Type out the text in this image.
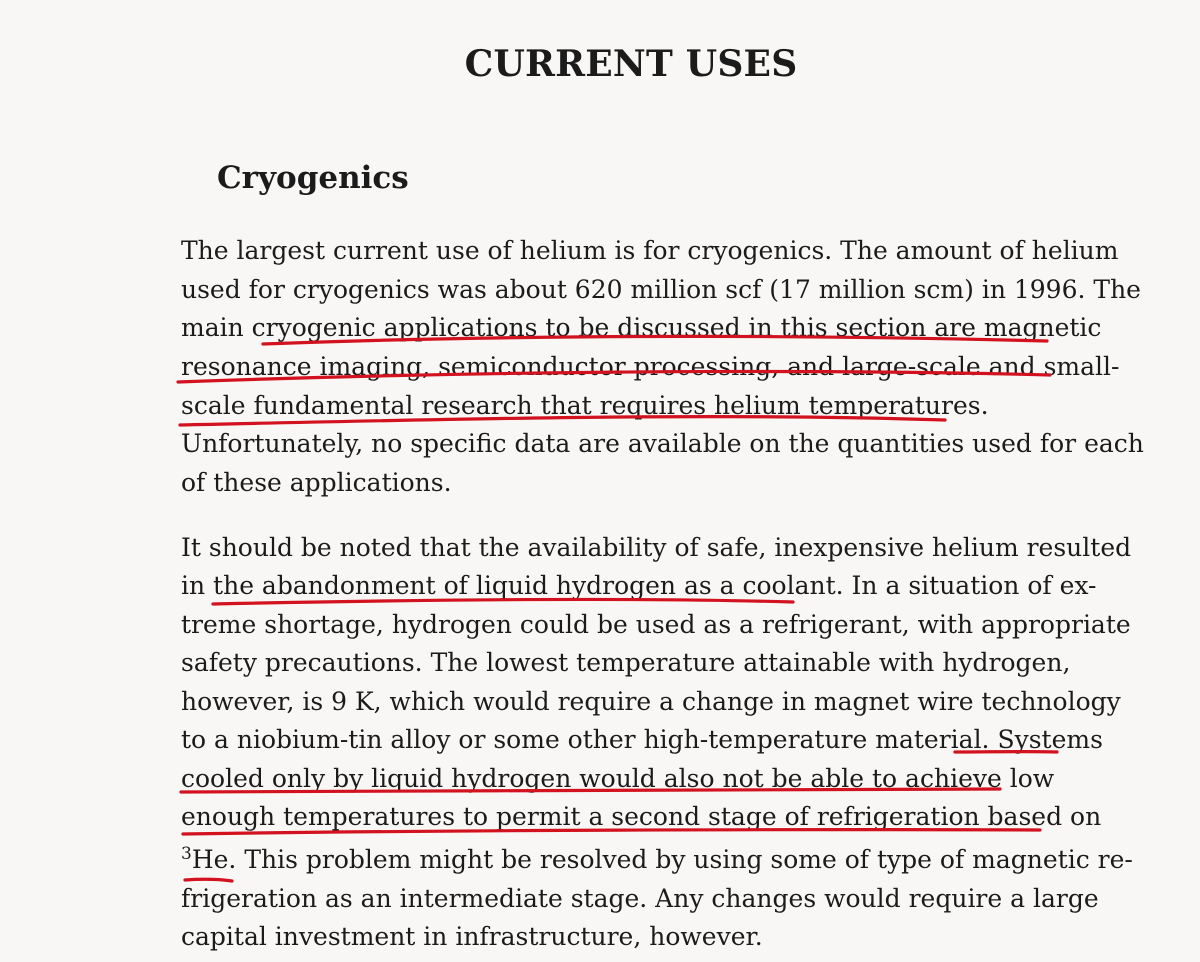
CURRENT USES
Cryogenics
The largest current use of helium is for cryogenics. The amount of helium
used for cryogenics was about 620 million scf (17 million scm) in 1996. The
main cryogenic applications to be discussed in this section are magnetic
resonance imaging, semiconductor processing, and large-scale and small-
scale fundamental research that requires helium temperatures.
Unfortunately, no specific data are available on the quantities used for each
of these applications.
It should be noted that the availability of safe, inexpensive helium resulted
in the abandonment of liquid hydrogen as a coolant. In a situation of ex-
treme shortage, hydrogen could be used as a refrigerant, with appropriate
safety precautions. The lowest temperature attainable with hydrogen,
however, is 9 K, which would require a change in magnet wire technology
to a niobium-tin alloy or some other high-temperature material. Systems
cooled only by liquid hydrogen would also not be able to achieve low
enough temperatures to permit a second stage of refrigeration based on
$^3$He. This problem might be resolved by using some of type of magnetic re-
frigeration as an intermediate stage. Any changes would require a large
capital investment in infrastructure, however.
